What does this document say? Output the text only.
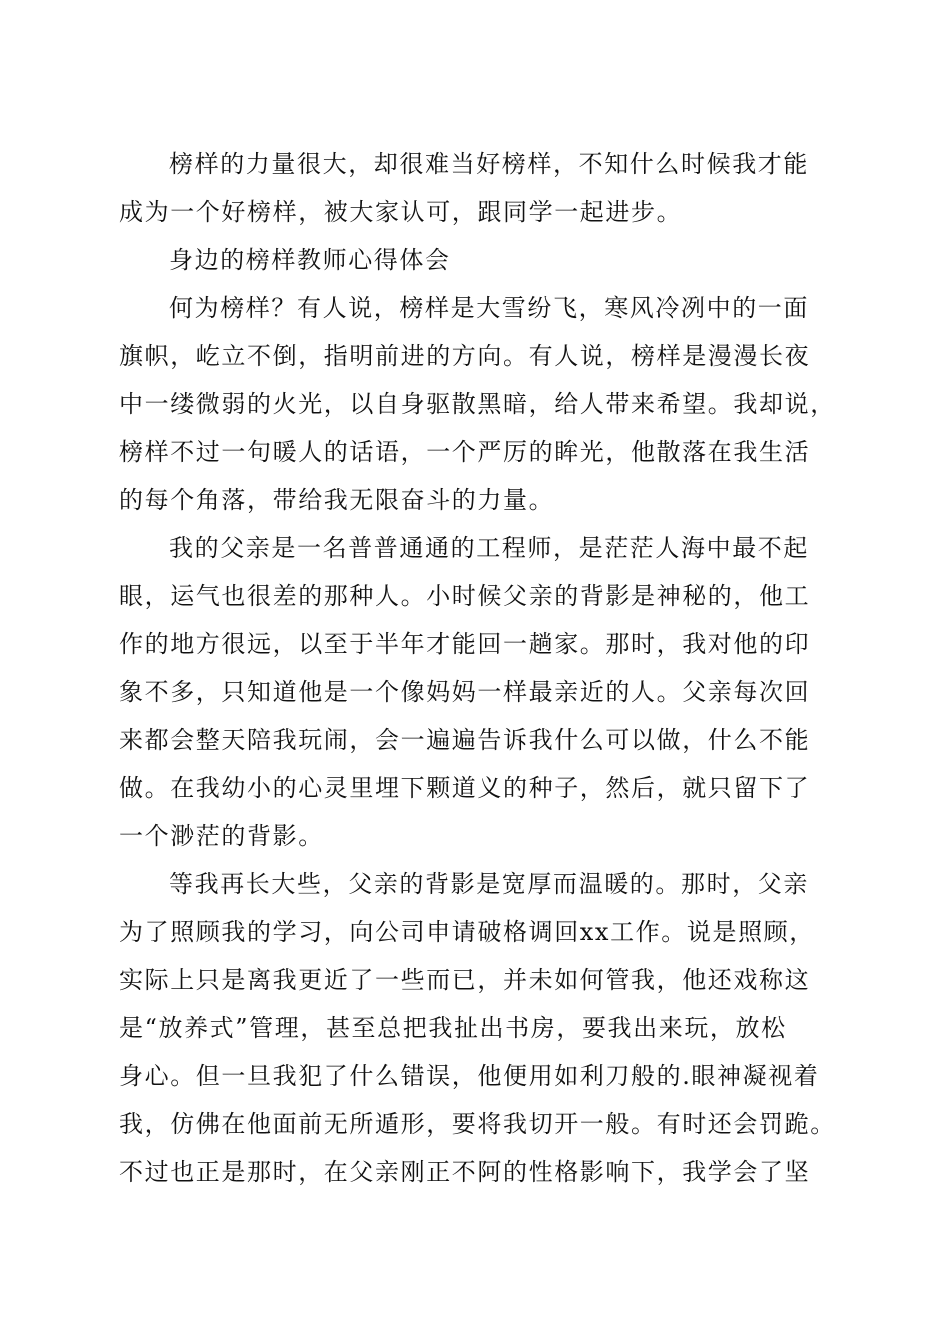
榜样的力量很大，却很难当好榜样，不知什么时候我才能
成为一个好榜样，被大家认可，跟同学一起进步。
身边的榜样教师心得体会
何为榜样？有人说，榜样是大雪纷飞，寒风冷冽中的一面
旗帜，屹立不倒，指明前进的方向。有人说，榜样是漫漫长夜
中一缕微弱的火光，以自身驱散黑暗，给人带来希望。我却说，
榜样不过一句暖人的话语，一个严厉的眸光，他散落在我生活
的每个角落，带给我无限奋斗的力量。
我的父亲是一名普普通通的工程师，是茫茫人海中最不起
眼，运气也很差的那种人。小时候父亲的背影是神秘的，他工
作的地方很远，以至于半年才能回一趟家。那时，我对他的印
象不多，只知道他是一个像妈妈一样最亲近的人。父亲每次回
来都会整天陪我玩闹，会一遍遍告诉我什么可以做，什么不能
做。在我幼小的心灵里埋下颗道义的种子，然后，就只留下了
一个渺茫的背影。
等我再长大些，父亲的背影是宽厚而温暖的。那时，父亲
为了照顾我的学习，向公司申请破格调回xx工作。说是照顾，
实际上只是离我更近了一些而已，并未如何管我，他还戏称这
是“放养式”管理，甚至总把我扯出书房，要我出来玩，放松
身心。但一旦我犯了什么错误，他便用如利刀般的.眼神凝视着
我，仿佛在他面前无所遁形，要将我切开一般。有时还会罚跪。
不过也正是那时，在父亲刚正不阿的性格影响下，我学会了坚
